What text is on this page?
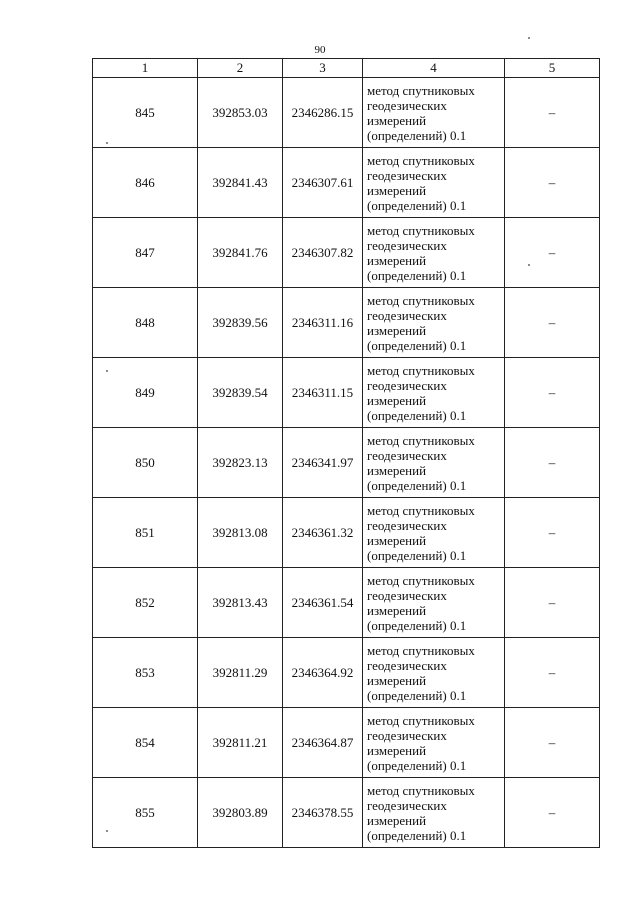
90
1	2	3	4	5
845	392853.03	2346286.15	метод спутниковых
геодезических
измерений
(определений) 0.1	–
846	392841.43	2346307.61	метод спутниковых
геодезических
измерений
(определений) 0.1	–
847	392841.76	2346307.82	метод спутниковых
геодезических
измерений
(определений) 0.1	–
848	392839.56	2346311.16	метод спутниковых
геодезических
измерений
(определений) 0.1	–
849	392839.54	2346311.15	метод спутниковых
геодезических
измерений
(определений) 0.1	–
850	392823.13	2346341.97	метод спутниковых
геодезических
измерений
(определений) 0.1	–
851	392813.08	2346361.32	метод спутниковых
геодезических
измерений
(определений) 0.1	–
852	392813.43	2346361.54	метод спутниковых
геодезических
измерений
(определений) 0.1	–
853	392811.29	2346364.92	метод спутниковых
геодезических
измерений
(определений) 0.1	–
854	392811.21	2346364.87	метод спутниковых
геодезических
измерений
(определений) 0.1	–
855	392803.89	2346378.55	метод спутниковых
геодезических
измерений
(определений) 0.1	–
